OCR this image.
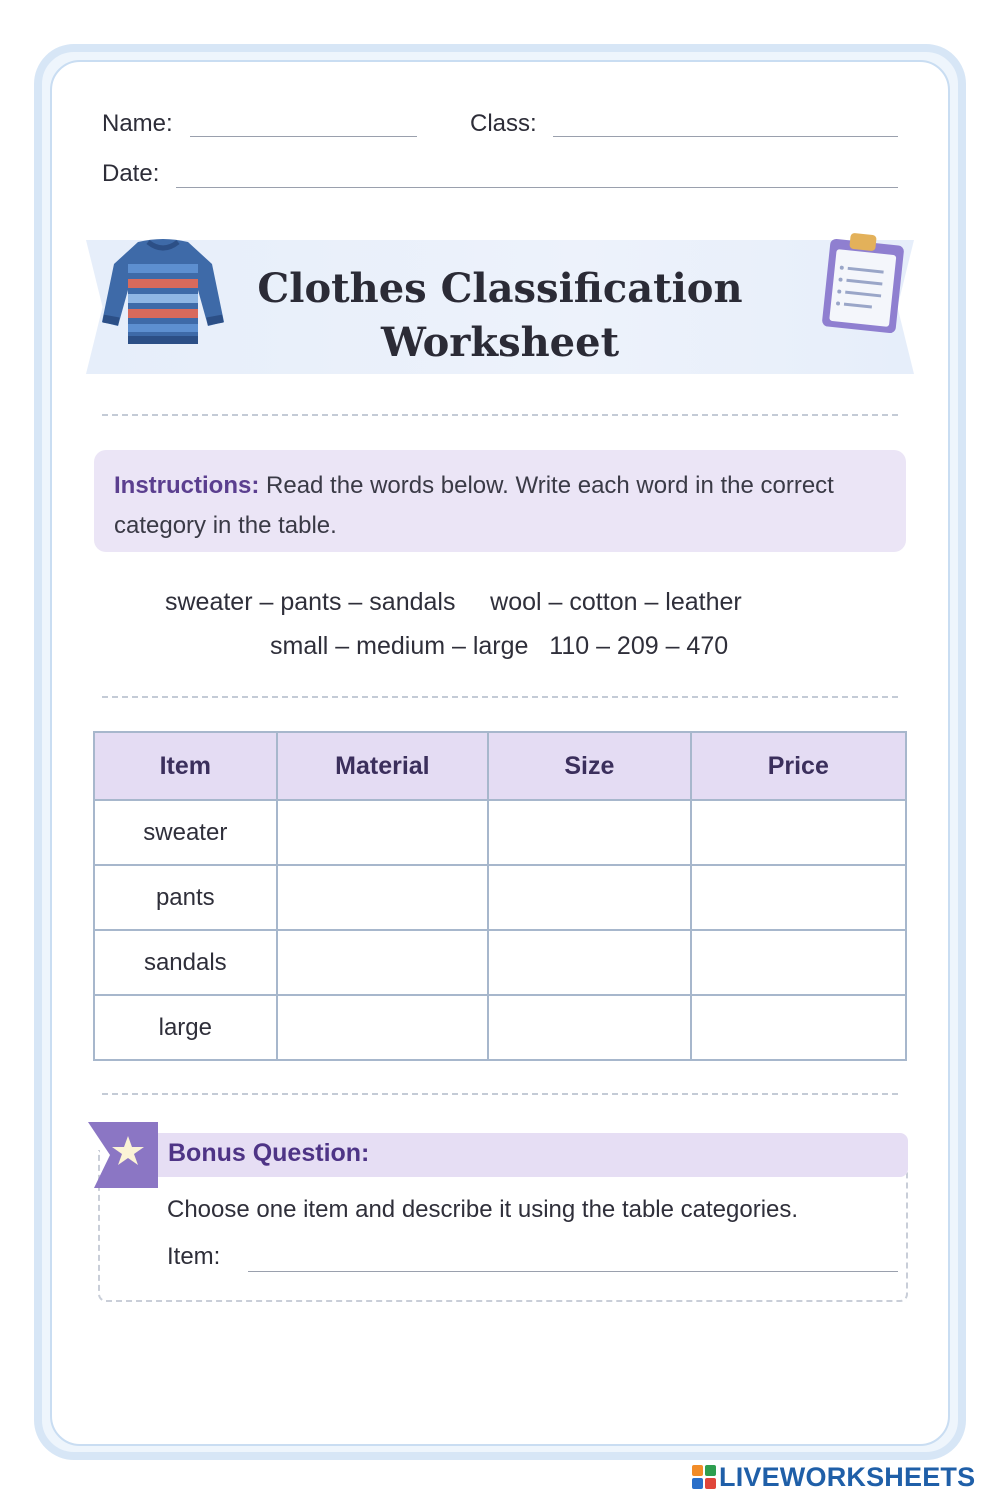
Name:	Class:
Date:
Clothes Classification
Worksheet
Instructions: Read the words below. Write each word in the correct category in the table.
sweater – pants – sandals     wool – cotton – leather
small – medium – large   110 – 209 – 470
Item	Material	Size	Price
sweater			
pants			
sandals			
large			
Bonus Question:
Choose one item and describe it using the table categories.
Item:
LIVEWORKSHEETS
